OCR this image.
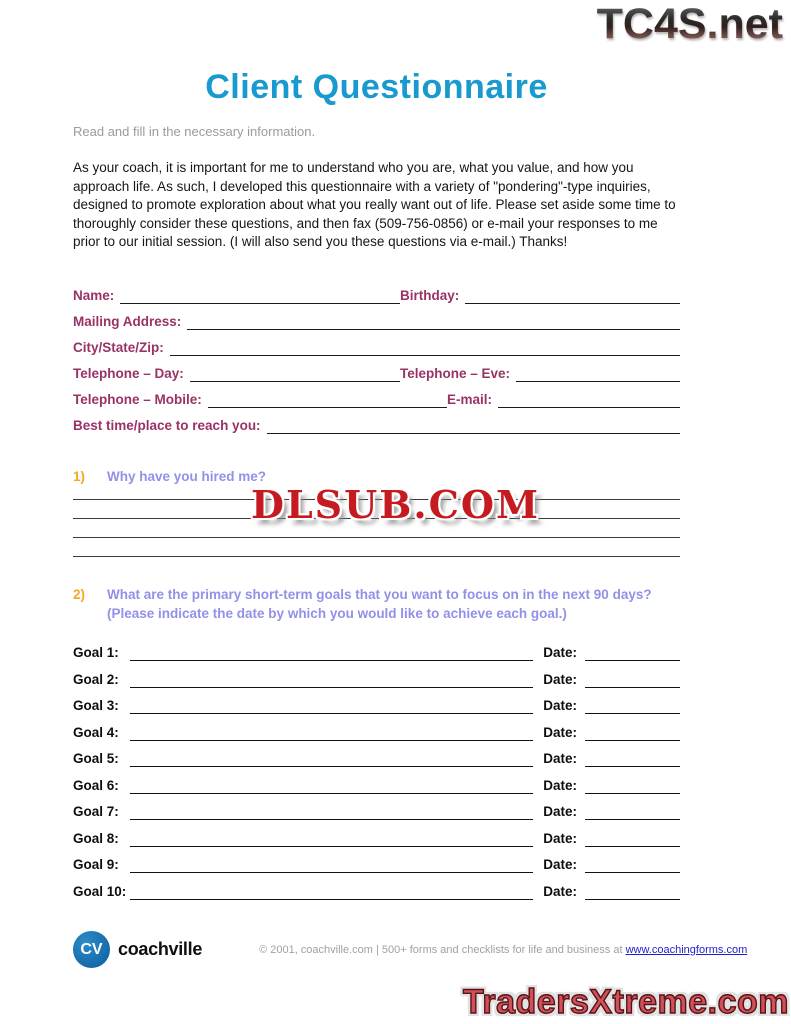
TC4S.net
Client Questionnaire
Read and fill in the necessary information.
As your coach, it is important for me to understand who you are, what you value, and how you approach life. As such, I developed this questionnaire with a variety of "pondering"-type inquiries, designed to promote exploration about what you really want out of life. Please set aside some time to thoroughly consider these questions, and then fax (509-756-0856) or e-mail your responses to me prior to our initial session. (I will also send you these questions via e-mail.) Thanks!
Name:	Birthday:
Mailing Address:
City/State/Zip:
Telephone – Day:	Telephone – Eve:
Telephone – Mobile:	E-mail:
Best time/place to reach you:
1)	Why have you hired me?
2)	What are the primary short-term goals that you want to focus on in the next 90 days?
(Please indicate the date by which you would like to achieve each goal.)
Goal 1:	Date:
Goal 2:	Date:
Goal 3:	Date:
Goal 4:	Date:
Goal 5:	Date:
Goal 6:	Date:
Goal 7:	Date:
Goal 8:	Date:
Goal 9:	Date:
Goal 10:	Date:
DLSUB.COM
CV coachville	© 2001, coachville.com | 500+ forms and checklists for life and business at www.coachingforms.com
TradersXtreme.com
